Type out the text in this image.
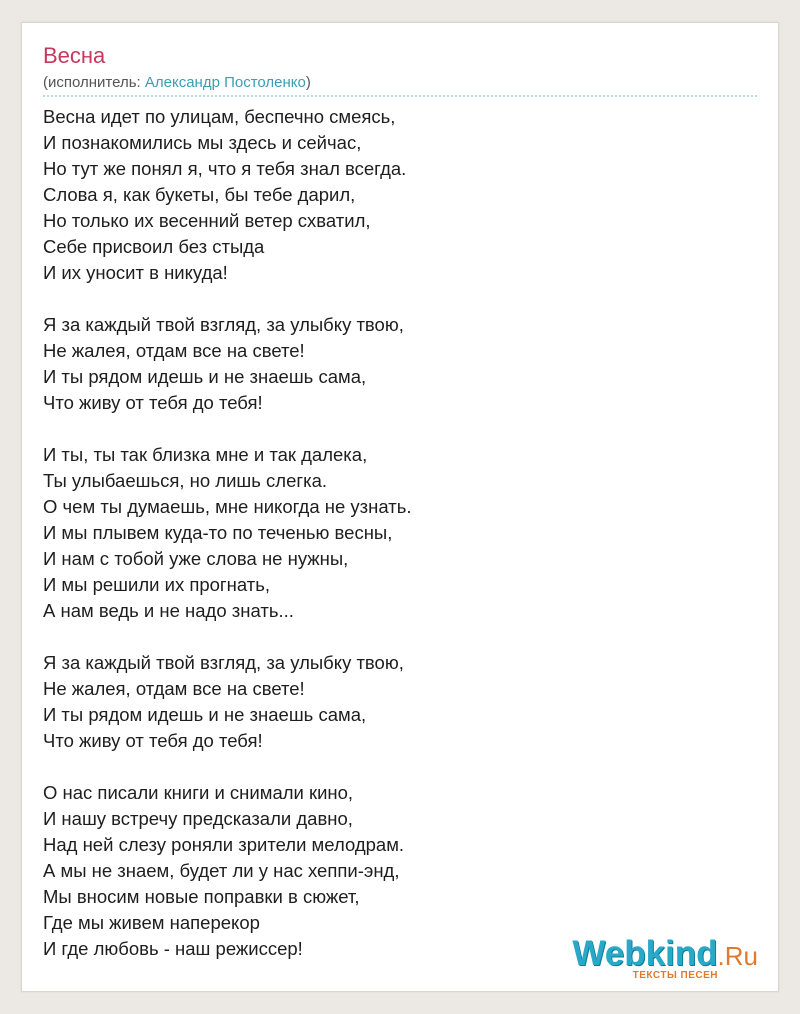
Весна
(исполнитель: Александр Постоленко)
Весна идет по улицам, беспечно смеясь,
И познакомились мы здесь и сейчас,
Но тут же понял я, что я тебя знал всегда.
Слова я, как букеты, бы тебе дарил,
Но только их весенний ветер схватил,
Себе присвоил без стыда
И их уносит в никуда!
Я за каждый твой взгляд, за улыбку твою,
Не жалея, отдам все на свете!
И ты рядом идешь и не знаешь сама,
Что живу от тебя до тебя!
И ты, ты так близка мне и так далека,
Ты улыбаешься, но лишь слегка.
О чем ты думаешь, мне никогда не узнать.
И мы плывем куда-то по теченью весны,
И нам с тобой уже слова не нужны,
И мы решили их прогнать,
А нам ведь и не надо знать...
Я за каждый твой взгляд, за улыбку твою,
Не жалея, отдам все на свете!
И ты рядом идешь и не знаешь сама,
Что живу от тебя до тебя!
О нас писали книги и снимали кино,
И нашу встречу предсказали давно,
Над ней слезу роняли зрители мелодрам.
А мы не знаем, будет ли у нас хеппи-энд,
Мы вносим новые поправки в сюжет,
Где мы живем наперекор
И где любовь - наш режиссер!	Webkind.Ru
ТЕКСТЫ ПЕСЕН
